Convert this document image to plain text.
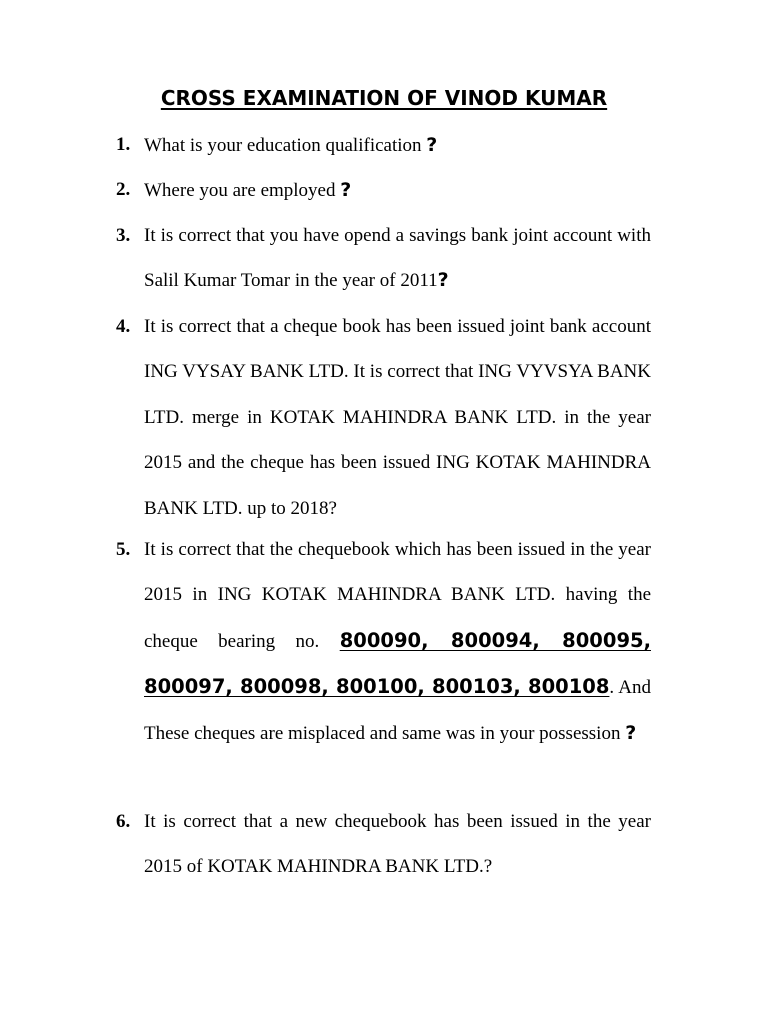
CROSS EXAMINATION OF VINOD KUMAR
1. What is your education qualification ?
2. Where you are employed ?
3. It is correct that you have opend a savings bank joint account with Salil Kumar Tomar in the year of 2011?
4. It is correct that a cheque book has been issued joint bank account ING VYSAY BANK LTD. It is correct that ING VYVSYA BANK LTD. merge in KOTAK MAHINDRA BANK LTD. in the year 2015 and the cheque has been issued ING KOTAK MAHINDRA BANK LTD. up to 2018?
5. It is correct that the chequebook which has been issued in the year 2015 in ING KOTAK MAHINDRA BANK LTD. having the cheque bearing no. 800090, 800094, 800095, 800097, 800098, 800100, 800103, 800108. And These cheques are misplaced and same was in your possession ?
6. It is correct that a new chequebook has been issued in the year 2015 of KOTAK MAHINDRA BANK LTD.?
